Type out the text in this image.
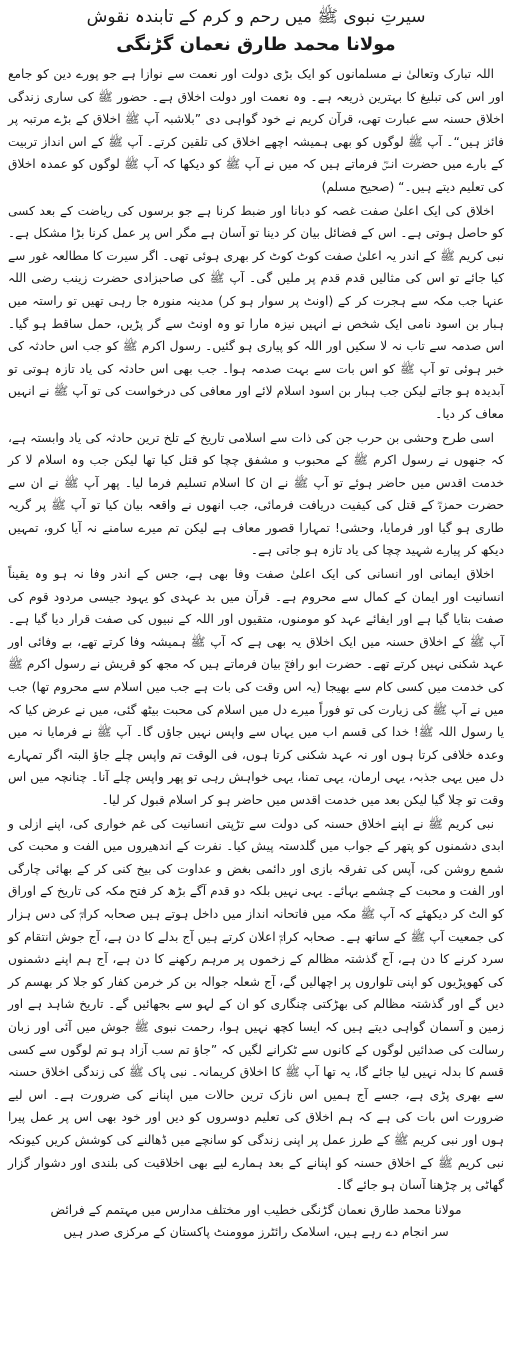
سیرتِ نبوی ﷺ میں رحم و کرم کے تابندہ نقوش
مولانا محمد طارق نعمان گڑنگی

اللہ تبارک وتعالیٰ نے مسلمانوں کو ایک بڑی دولت اور نعمت سے نوازا ہے جو پورے دین کو جامع اور اس کی تبلیغ کا بہترین ذریعہ ہے۔ وہ نعمت اور دولت اخلاق ہے۔ حضور ﷺ کی ساری زندگی اخلاق حسنہ سے عبارت تھی، قرآن کریم نے خود گواہی دی ”بلاشبہ آپ ﷺ اخلاق کے بڑے مرتبہ پر فائز ہیں“۔ آپ ﷺ لوگوں کو بھی ہمیشہ اچھے اخلاق کی تلقین کرتے۔ آپ ﷺ کے اس انداز تربیت کے بارے میں حضرت انسؓ فرماتے ہیں کہ میں نے آپ ﷺ کو دیکھا کہ آپ ﷺ لوگوں کو عمدہ اخلاق کی تعلیم دیتے ہیں۔“ (صحیح مسلم)

اخلاق کی ایک اعلیٰ صفت غصہ کو دبانا اور ضبط کرنا ہے جو برسوں کی ریاضت کے بعد کسی کو حاصل ہوتی ہے۔ اس کے فضائل بیان کر دینا تو آسان ہے مگر اس پر عمل کرنا بڑا مشکل ہے۔ نبی کریم ﷺ کے اندر یہ اعلیٰ صفت کوٹ کوٹ کر بھری ہوئی تھی۔ اگر سیرت کا مطالعہ غور سے کیا جائے تو اس کی مثالیں قدم قدم پر ملیں گی۔ آپ ﷺ کی صاحبزادی حضرت زینب رضی اللہ عنہا جب مکہ سے ہجرت کر کے (اونٹ پر سوار ہو کر) مدینہ منورہ جا رہی تھیں تو راستہ میں ہبار بن اسود نامی ایک شخص نے انہیں نیزہ مارا تو وہ اونٹ سے گر پڑیں، حمل ساقط ہو گیا۔ اس صدمہ سے تاب نہ لا سکیں اور اللہ کو پیاری ہو گئیں۔ رسول اکرم ﷺ کو جب اس حادثہ کی خبر ہوئی تو آپ ﷺ کو اس بات سے بہت صدمہ ہوا۔ جب بھی اس حادثہ کی یاد تازہ ہوتی تو آبدیدہ ہو جاتے لیکن جب ہبار بن اسود اسلام لائے اور معافی کی درخواست کی تو آپ ﷺ نے انہیں معاف کر دیا۔

اسی طرح وحشی بن حرب جن کی ذات سے اسلامی تاریخ کے تلخ ترین حادثہ کی یاد وابستہ ہے، کہ جنھوں نے رسول اکرم ﷺ کے محبوب و مشفق چچا کو قتل کیا تھا لیکن جب وہ اسلام لا کر خدمت اقدس میں حاضر ہوئے تو آپ ﷺ نے ان کا اسلام تسلیم فرما لیا۔ پھر آپ ﷺ نے ان سے حضرت حمزہؓ کے قتل کی کیفیت دریافت فرمائی، جب انھوں نے واقعہ بیان کیا تو آپ ﷺ پر گریہ طاری ہو گیا اور فرمایا، وحشی! تمہارا قصور معاف ہے لیکن تم میرے سامنے نہ آیا کرو، تمہیں دیکھ کر پیارے شہید چچا کی یاد تازہ ہو جاتی ہے۔

اخلاق ایمانی اور انسانی کی ایک اعلیٰ صفت وفا بھی ہے، جس کے اندر وفا نہ ہو وہ یقیناً انسانیت اور ایمان کے کمال سے محروم ہے۔ قرآن میں بد عہدی کو یہود جیسی مردود قوم کی صفت بتایا گیا ہے اور ایفائے عہد کو مومنوں، متقیوں اور اللہ کے نبیوں کی صفت قرار دیا گیا ہے۔ آپ ﷺ کے اخلاق حسنہ میں ایک اخلاق یہ بھی ہے کہ آپ ﷺ ہمیشہ وفا کرتے تھے، بے وفائی اور عہد شکنی نہیں کرتے تھے۔ حضرت ابو رافعؓ بیان فرماتے ہیں کہ مجھ کو قریش نے رسول اکرم ﷺ کی خدمت میں کسی کام سے بھیجا (یہ اس وقت کی بات ہے جب میں اسلام سے محروم تھا) جب میں نے آپ ﷺ کی زیارت کی تو فوراً میرے دل میں اسلام کی محبت بیٹھ گئی، میں نے عرض کیا کہ یا رسول اللہ ﷺ! خدا کی قسم اب میں یہاں سے واپس نہیں جاؤں گا۔ آپ ﷺ نے فرمایا نہ میں وعدہ خلافی کرتا ہوں اور نہ عہد شکنی کرتا ہوں، فی الوقت تم واپس چلے جاؤ البتہ اگر تمہارے دل میں یہی جذبہ، یہی ارمان، یہی تمنا، یہی خواہش رہی تو پھر واپس چلے آنا۔ چنانچہ میں اس وقت تو چلا گیا لیکن بعد میں خدمت اقدس میں حاضر ہو کر اسلام قبول کر لیا۔

نبی کریم ﷺ نے اپنے اخلاق حسنہ کی دولت سے تڑپتی انسانیت کی غم خواری کی، اپنے ازلی و ابدی دشمنوں کو پتھر کے جواب میں گلدستہ پیش کیا۔ نفرت کے اندھیروں میں الفت و محبت کی شمع روشن کی، آپس کی تفرقہ بازی اور دائمی بغض و عداوت کی بیخ کنی کر کے بھائی چارگی اور الفت و محبت کے چشمے بہائے۔ یہی نہیں بلکہ دو قدم آگے بڑھ کر فتح مکہ کی تاریخ کے اوراق کو الٹ کر دیکھئے کہ آپ ﷺ مکہ میں فاتحانہ انداز میں داخل ہوتے ہیں صحابہ کرامؓ کی دس ہزار کی جمعیت آپ ﷺ کے ساتھ ہے۔ صحابہ کرامؓ اعلان کرتے ہیں آج بدلے کا دن ہے، آج جوش انتقام کو سرد کرنے کا دن ہے، آج گذشتہ مظالم کے زخموں پر مرہم رکھنے کا دن ہے، آج ہم اپنے دشمنوں کی کھوپڑیوں کو اپنی تلواروں پر اچھالیں گے، آج شعلہ جوالہ بن کر خرمن کفار کو جلا کر بھسم کر دیں گے اور گذشتہ مظالم کی بھڑکتی چنگاری کو ان کے لہو سے بجھائیں گے۔ تاریخ شاہد ہے اور زمین و آسمان گواہی دیتے ہیں کہ ایسا کچھ نہیں ہوا، رحمت نبوی ﷺ جوش میں آئی اور زبان رسالت کی صدائیں لوگوں کے کانوں سے ٹکرانے لگیں کہ ”جاؤ تم سب آزاد ہو تم لوگوں سے کسی قسم کا بدلہ نہیں لیا جائے گا، یہ تھا آپ ﷺ کا اخلاق کریمانہ۔ نبی پاک ﷺ کی زندگی اخلاق حسنہ سے بھری پڑی ہے، جسے آج ہمیں اس نازک ترین حالات میں اپنانے کی ضرورت ہے۔ اس لیے ضرورت اس بات کی ہے کہ ہم اخلاق کی تعلیم دوسروں کو دیں اور خود بھی اس پر عمل پیرا ہوں اور نبی کریم ﷺ کے طرز عمل پر اپنی زندگی کو سانچے میں ڈھالنے کی کوشش کریں کیونکہ نبی کریم ﷺ کے اخلاق حسنہ کو اپنانے کے بعد ہمارے لیے بھی اخلاقیت کی بلندی اور دشوار گزار گھاٹی پر چڑھنا آسان ہو جائے گا۔

مولانا محمد طارق نعمان گڑنگی خطیب اور مختلف مدارس میں مہتمم کے فرائض
سر انجام دے رہے ہیں، اسلامک رائٹرز موومنٹ پاکستان کے مرکزی صدر ہیں
